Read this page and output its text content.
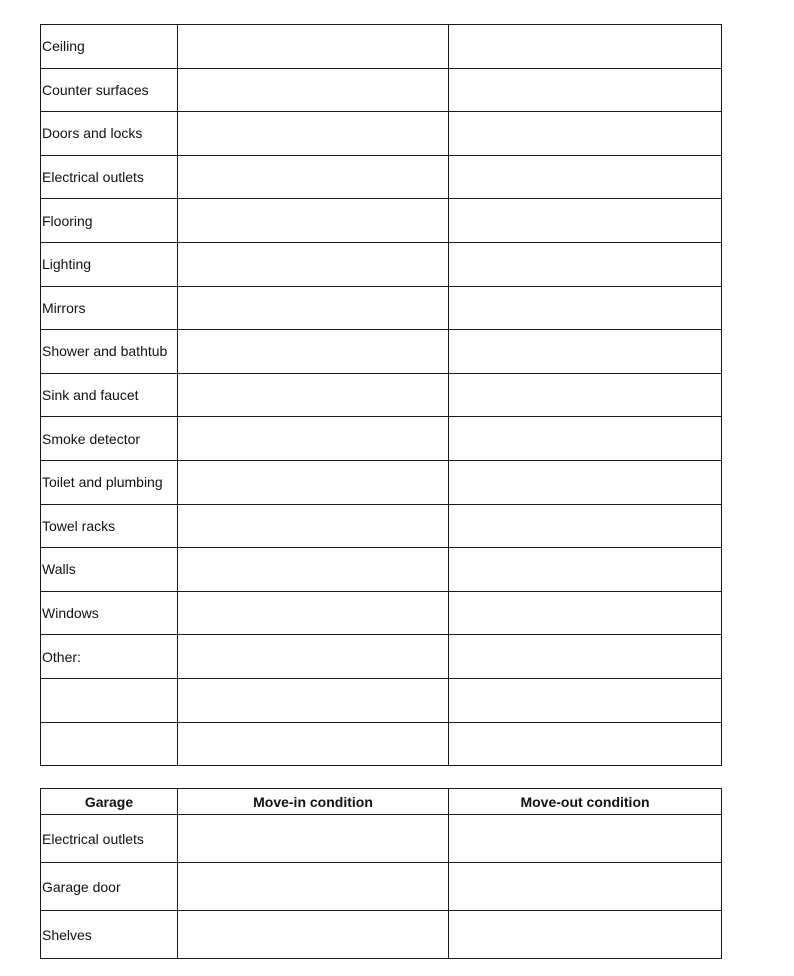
Ceiling		
Counter surfaces		
Doors and locks		
Electrical outlets		
Flooring		
Lighting		
Mirrors		
Shower and bathtub		
Sink and faucet		
Smoke detector		
Toilet and plumbing		
Towel racks		
Walls		
Windows		
Other:		

Garage	Move-in condition	Move-out condition
Electrical outlets		
Garage door		
Shelves		
